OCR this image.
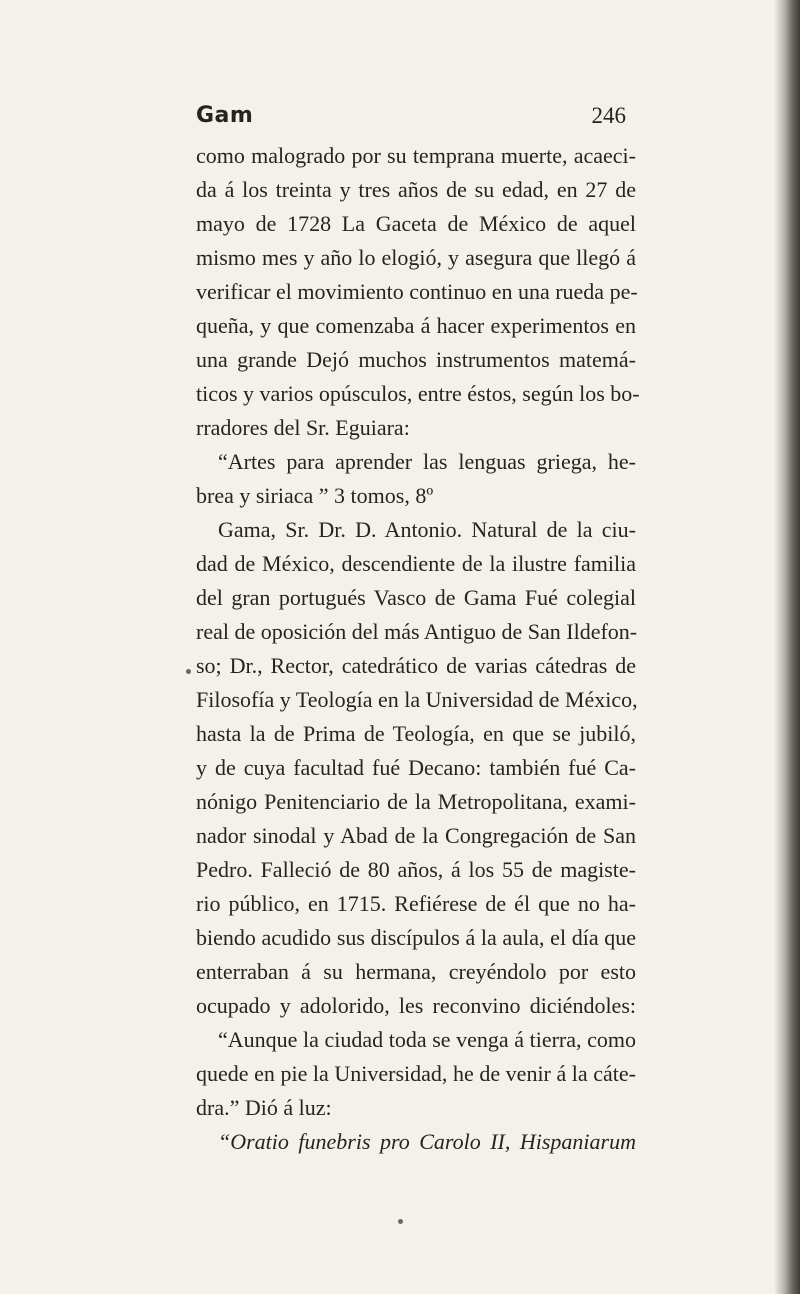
Gam	246
como malogrado por su temprana muerte, acaeci-
da á los treinta y tres años de su edad, en 27 de
mayo de 1728 La Gaceta de México de aquel
mismo mes y año lo elogió, y asegura que llegó á
verificar el movimiento continuo en una rueda pe-
queña, y que comenzaba á hacer experimentos en
una grande Dejó muchos instrumentos matemá-
ticos y varios opúsculos, entre éstos, según los bo-
rradores del Sr. Eguiara:
“Artes para aprender las lenguas griega, he-
brea y siriaca ” 3 tomos, 8º
Gama, Sr. Dr. D. Antonio. Natural de la ciu-
dad de México, descendiente de la ilustre familia
del gran portugués Vasco de Gama Fué colegial
real de oposición del más Antiguo de San Ildefon-
so; Dr., Rector, catedrático de varias cátedras de
Filosofía y Teología en la Universidad de México,
hasta la de Prima de Teología, en que se jubiló,
y de cuya facultad fué Decano: también fué Ca-
nónigo Penitenciario de la Metropolitana, exami-
nador sinodal y Abad de la Congregación de San
Pedro. Falleció de 80 años, á los 55 de magiste-
rio público, en 1715. Refiérese de él que no ha-
biendo acudido sus discípulos á la aula, el día que
enterraban á su hermana, creyéndolo por esto
ocupado y adolorido, les reconvino diciéndoles:
“Aunque la ciudad toda se venga á tierra, como
quede en pie la Universidad, he de venir á la cáte-
dra.” Dió á luz:
“Oratio funebris pro Carolo II, Hispaniarum
